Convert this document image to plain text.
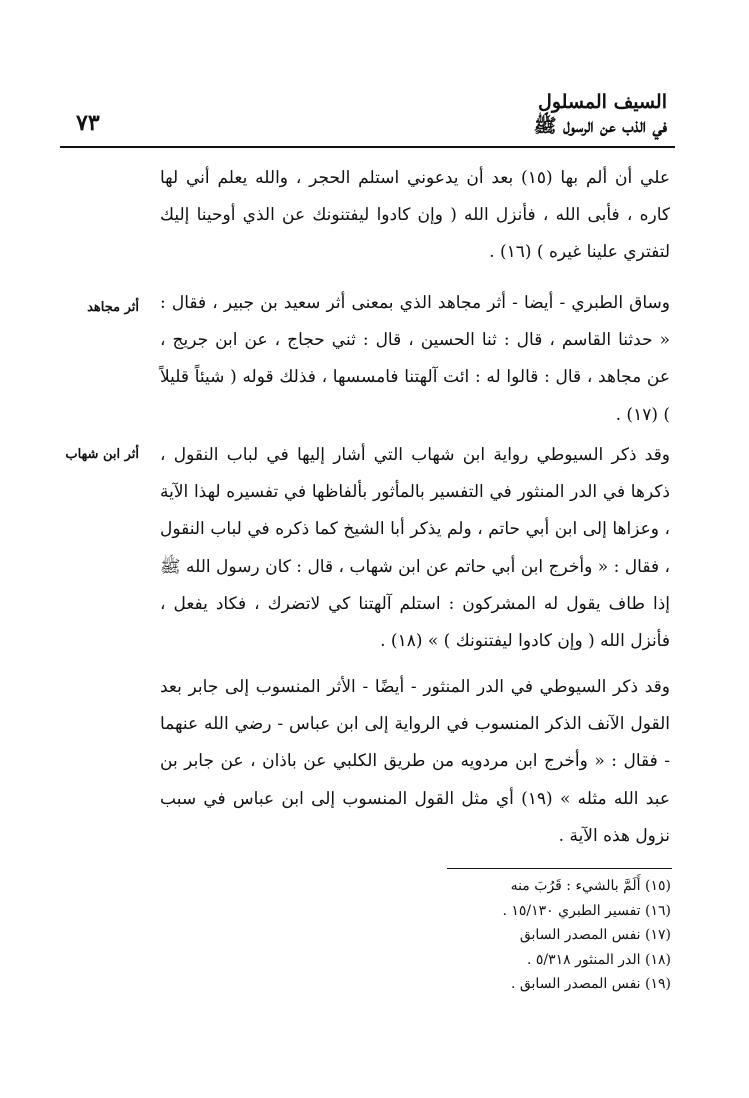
السيف المسلول
في الذب عن الرسول ﷺ
٧٣
أثر مجاهد
أثر ابن شهاب

علي أن ألم بها (١٥) بعد أن يدعوني استلم الحجر ، والله يعلم أني لها كاره ، فأبى الله ، فأنزل الله ( وإن كادوا ليفتنونك عن الذي أوحينا إليك لتفتري علينا غيره ) (١٦) .

وساق الطبري - أيضا - أثر مجاهد الذي بمعنى أثر سعيد بن جبير ، فقال : « حدثنا القاسم ، قال : ثنا الحسين ، قال : ثني حجاج ، عن ابن جريج ، عن مجاهد ، قال : قالوا له : ائت آلهتنا فامسسها ، فذلك قوله ( شيئاً قليلاً ) (١٧) .

وقد ذكر السيوطي رواية ابن شهاب التي أشار إليها في لباب النقول ، ذكرها في الدر المنثور في التفسير بالمأثور بألفاظها في تفسيره لهذا الآية ، وعزاها إلى ابن أبي حاتم ، ولم يذكر أبا الشيخ كما ذكره في لباب النقول ، فقال : « وأخرج ابن أبي حاتم عن ابن شهاب ، قال : كان رسول الله ﷺ إذا طاف يقول له المشركون : استلم آلهتنا كي لاتضرك ، فكاد يفعل ، فأنزل الله ( وإن كادوا ليفتنونك ) » (١٨) .

وقد ذكر السيوطي في الدر المنثور - أيضًا - الأثر المنسوب إلى جابر بعد القول الآنف الذكر المنسوب في الرواية إلى ابن عباس - رضي الله عنهما - فقال : « وأخرج ابن مردويه من طريق الكلبي عن باذان ، عن جابر بن عبد الله مثله » (١٩) أي مثل القول المنسوب إلى ابن عباس في سبب نزول هذه الآية .

(١٥) أَلَمَّ بالشيء : قَرُبَ منه
(١٦) تفسير الطبري ١٥/١٣٠ .
(١٧) نفس المصدر السابق
(١٨) الدر المنثور ٥/٣١٨ .
(١٩) نفس المصدر السابق .
